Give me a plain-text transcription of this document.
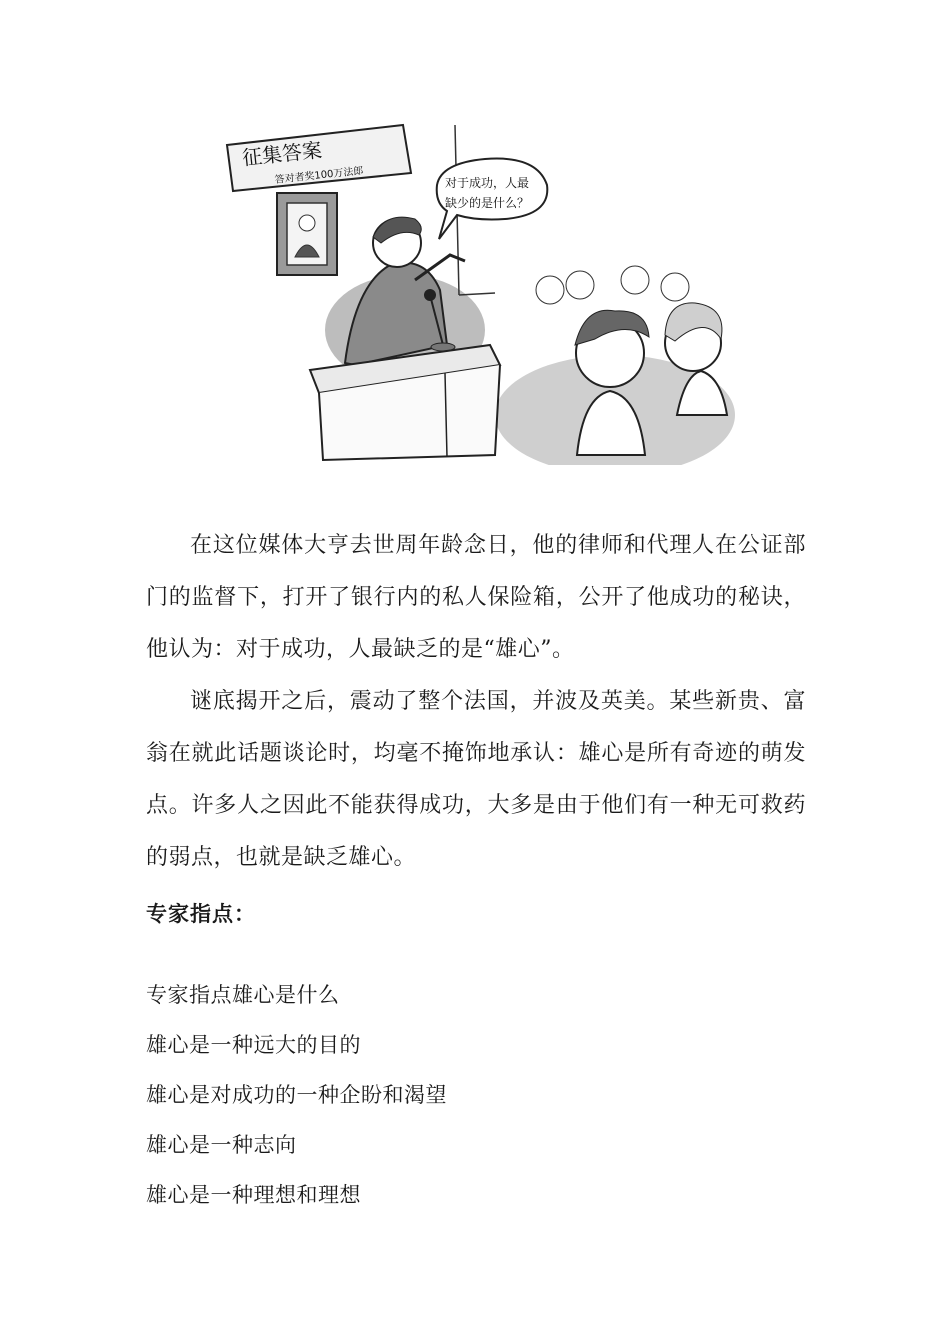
征集答案
答对者奖100万法郎	对于成功，人最
缺少的是什么？

在这位媒体大亨去世周年龄念日，他的律师和代理人在公证部门的监督下，打开了银行内的私人保险箱，公开了他成功的秘诀，他认为：对于成功，人最缺乏的是“雄心”。

谜底揭开之后，震动了整个法国，并波及英美。某些新贵、富翁在就此话题谈论时，均毫不掩饰地承认：雄心是所有奇迹的萌发点。许多人之因此不能获得成功，大多是由于他们有一种无可救药的弱点，也就是缺乏雄心。

专家指点：

专家指点雄心是什么

雄心是一种远大的目的

雄心是对成功的一种企盼和渴望

雄心是一种志向

雄心是一种理想和理想
